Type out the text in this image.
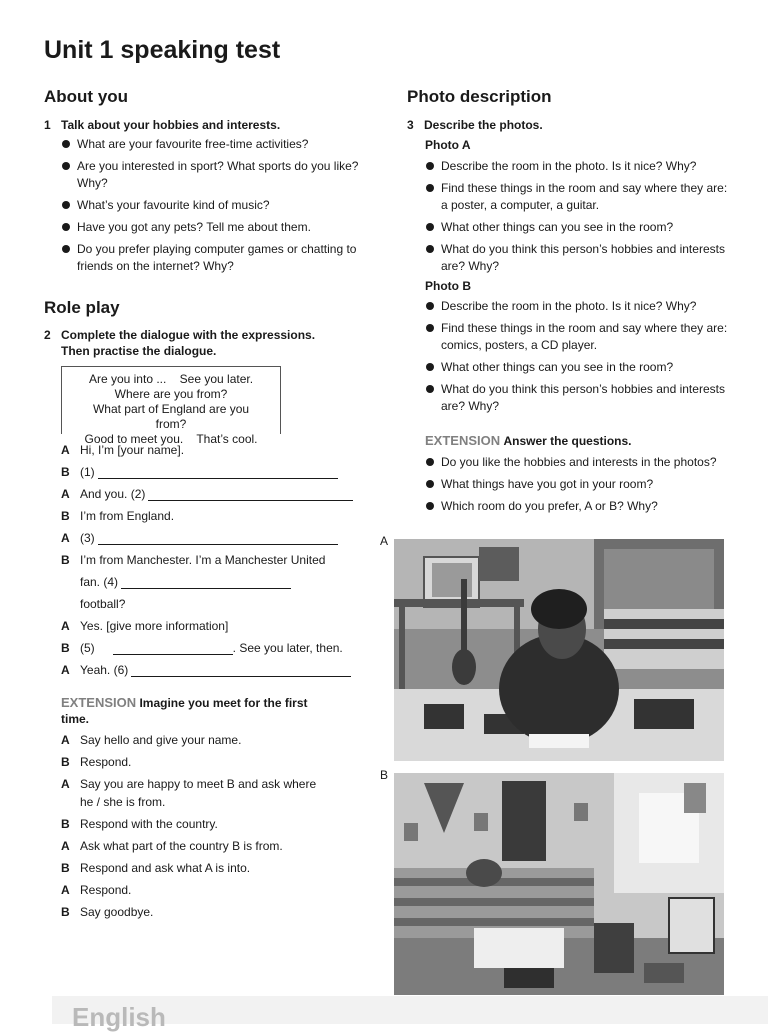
Unit 1 speaking test
About you
1 Talk about your hobbies and interests.
What are your favourite free-time activities?
Are you interested in sport? What sports do you like? Why?
What’s your favourite kind of music?
Have you got any pets? Tell me about them.
Do you prefer playing computer games or chatting to friends on the internet? Why?
Role play
2 Complete the dialogue with the expressions.
Then practise the dialogue.
Are you into ...    See you later.
Where are you from?
What part of England are you
from?
Good to meet you.    That’s cool.
A Hi, I’m [your name].
B (1)
A And you. (2)
B I’m from England.
A (3)
B I’m from Manchester. I’m a Manchester United
fan. (4)
football?
A Yes. [give more information]
B (5)	. See you later, then.
A Yeah. (6)
EXTENSION Imagine you meet for the first
time.
A Say hello and give your name.
B Respond.
A Say you are happy to meet B and ask where
he / she is from.
B Respond with the country.
A Ask what part of the country B is from.
B Respond and ask what A is into.
A Respond.
B Say goodbye.
Photo description
3 Describe the photos.
Photo A
Describe the room in the photo. Is it nice? Why?
Find these things in the room and say where they are: a poster, a computer, a guitar.
What other things can you see in the room?
What do you think this person’s hobbies and interests are? Why?
Photo B
Describe the room in the photo. Is it nice? Why?
Find these things in the room and say where they are: comics, posters, a CD player.
What other things can you see in the room?
What do you think this person’s hobbies and interests are? Why?
EXTENSION Answer the questions.
Do you like the hobbies and interests in the photos?
What things have you got in your room?
Which room do you prefer, A or B? Why?
A
B
English
